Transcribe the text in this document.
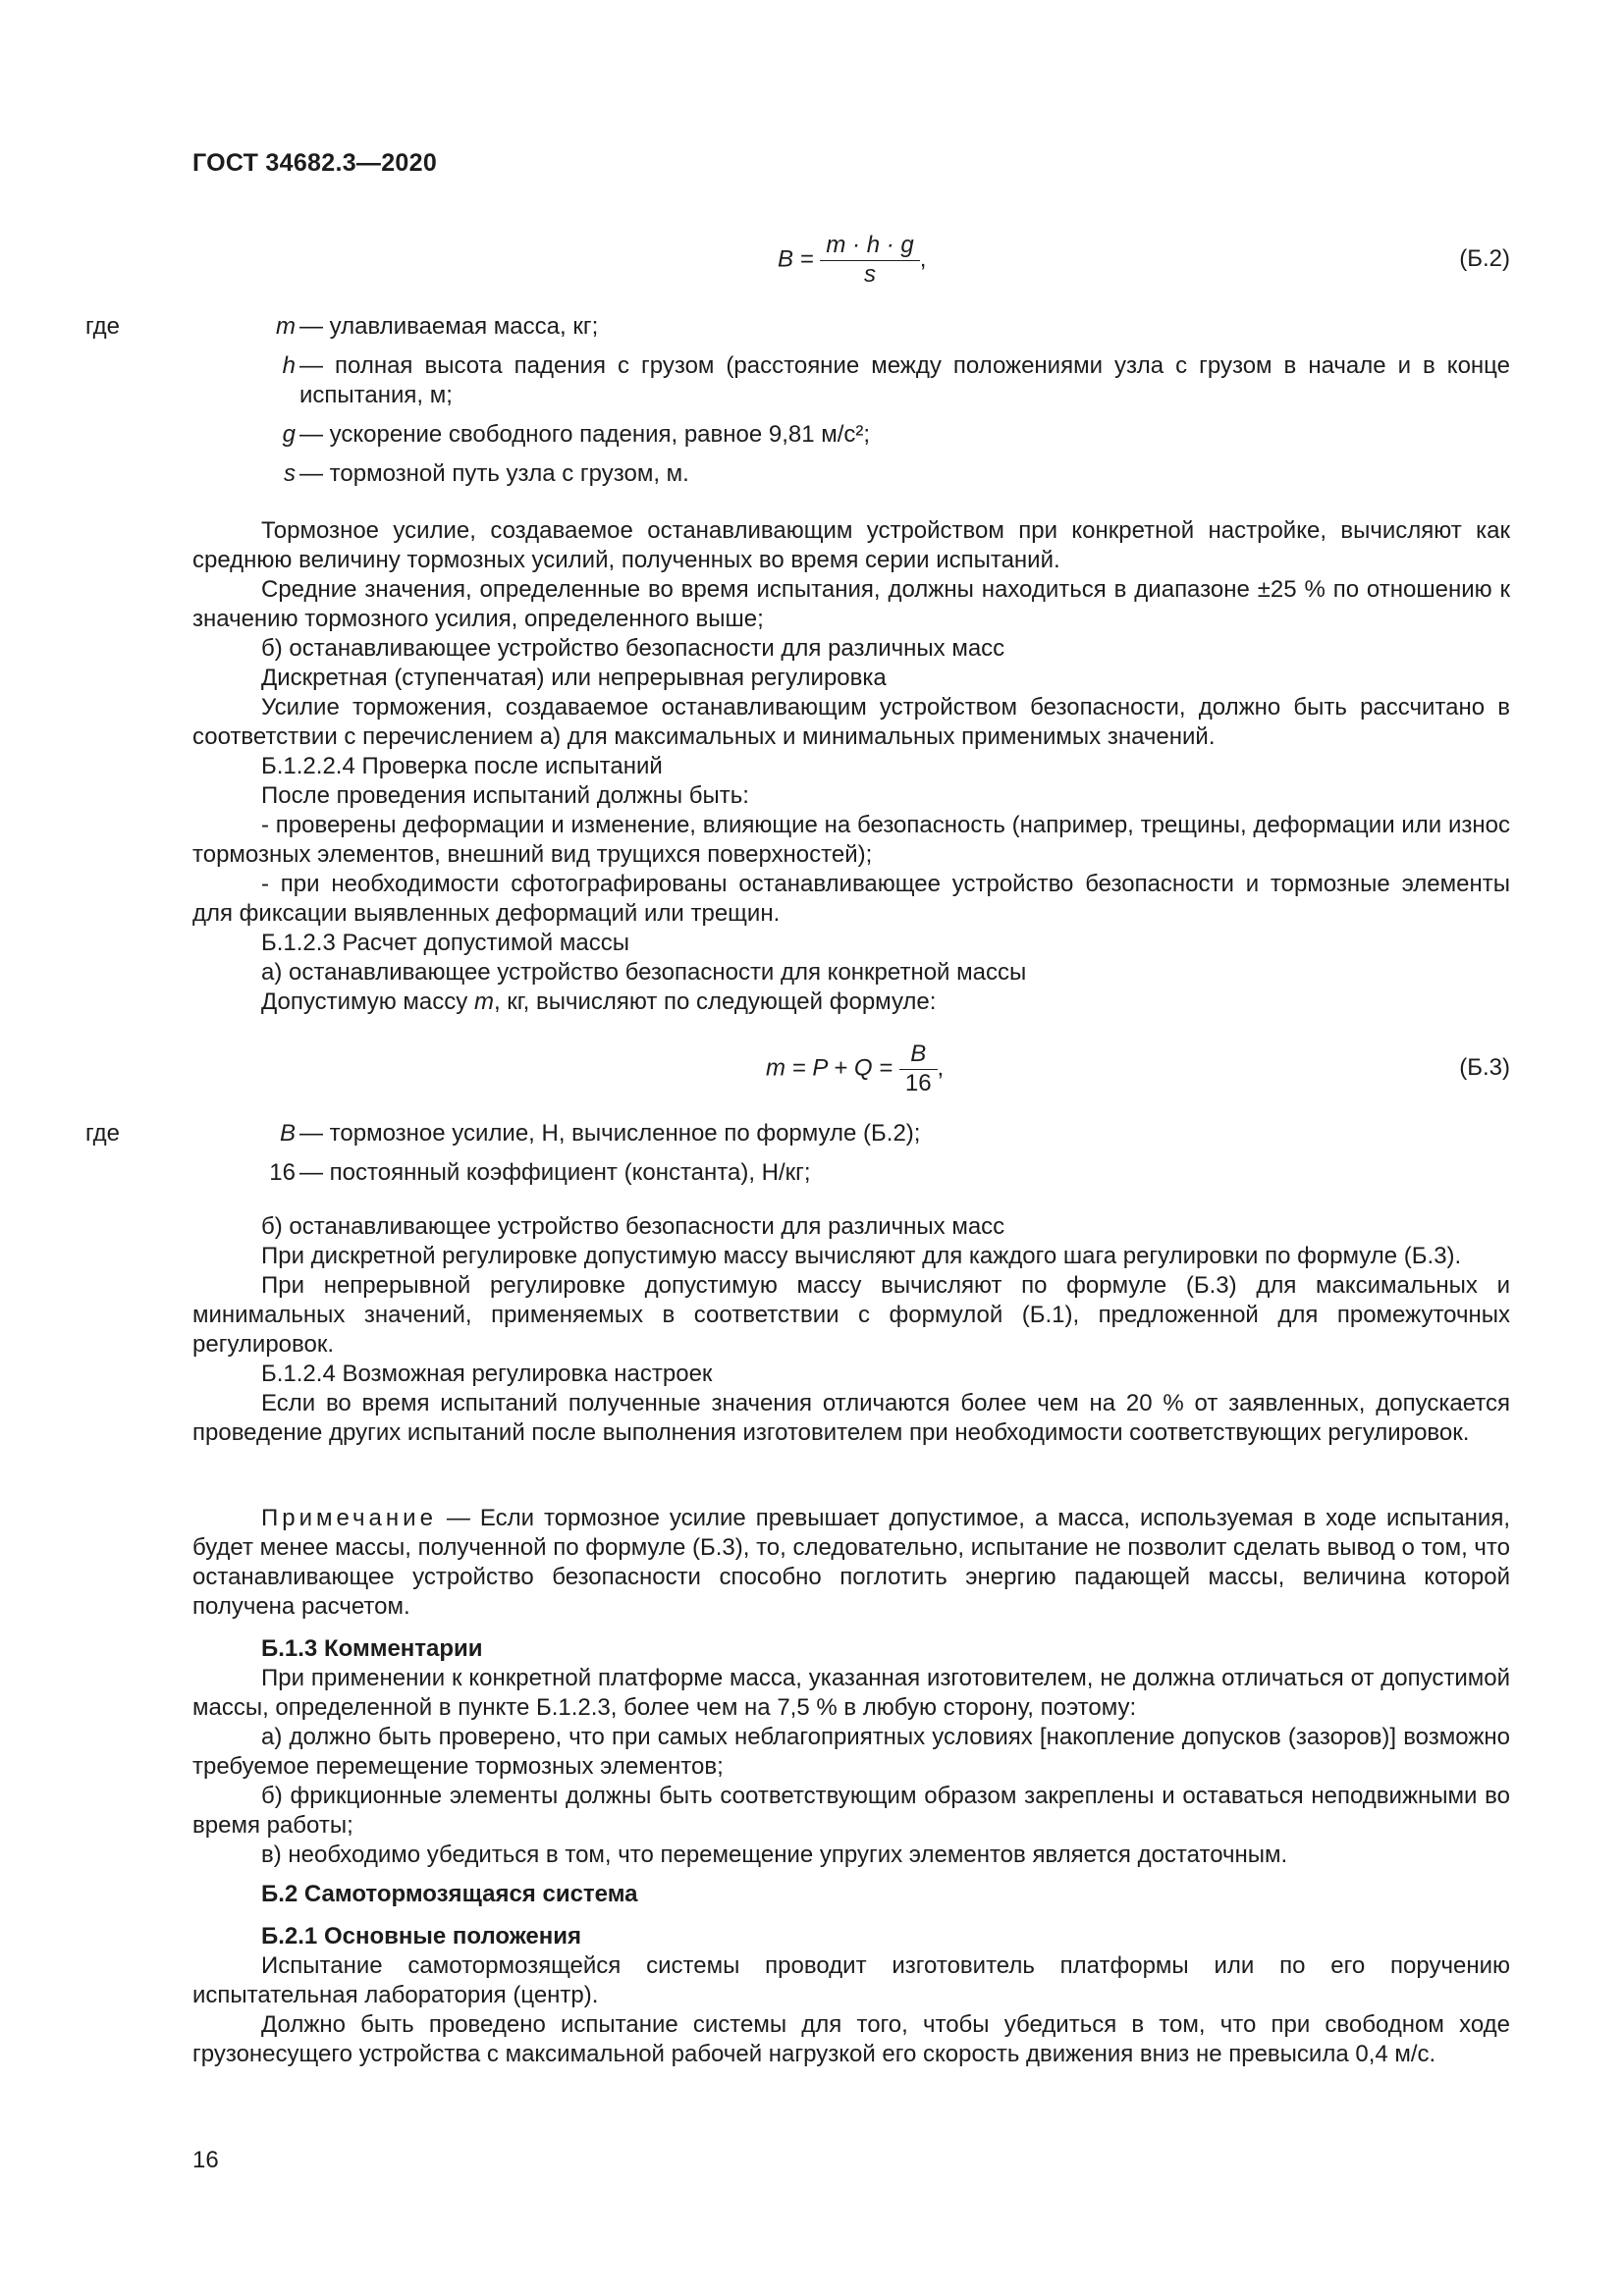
ГОСТ 34682.3—2020
$B = \frac{m \cdot h \cdot g}{s}$ ,	(Б.2)
где	m — улавливаемая масса, кг;
h — полная высота падения с грузом (расстояние между положениями узла с грузом в начале и в конце испытания, м;
g — ускорение свободного падения, равное 9,81 м/с²;
s — тормозной путь узла с грузом, м.

Тормозное усилие, создаваемое останавливающим устройством при конкретной настройке, вычисляют как среднюю величину тормозных усилий, полученных во время серии испытаний.

Средние значения, определенные во время испытания, должны находиться в диапазоне ±25 % по отношению к значению тормозного усилия, определенного выше;

б) останавливающее устройство безопасности для различных масс

Дискретная (ступенчатая) или непрерывная регулировка

Усилие торможения, создаваемое останавливающим устройством безопасности, должно быть рассчитано в соответствии с перечислением а) для максимальных и минимальных применимых значений.

Б.1.2.2.4 Проверка после испытаний

После проведения испытаний должны быть:

- проверены деформации и изменение, влияющие на безопасность (например, трещины, деформации или износ тормозных элементов, внешний вид трущихся поверхностей);

- при необходимости сфотографированы останавливающее устройство безопасности и тормозные элементы для фиксации выявленных деформаций или трещин.

Б.1.2.3 Расчет допустимой массы

а) останавливающее устройство безопасности для конкретной массы

Допустимую массу m, кг, вычисляют по следующей формуле:

$m = P + Q = \frac{B}{16}$ ,	(Б.3)
где	B — тормозное усилие, Н, вычисленное по формуле (Б.2);
16 — постоянный коэффициент (константа), Н/кг;

б) останавливающее устройство безопасности для различных масс

При дискретной регулировке допустимую массу вычисляют для каждого шага регулировки по формуле (Б.3).

При непрерывной регулировке допустимую массу вычисляют по формуле (Б.3) для максимальных и минимальных значений, применяемых в соответствии с формулой (Б.1), предложенной для промежуточных регулировок.

Б.1.2.4 Возможная регулировка настроек

Если во время испытаний полученные значения отличаются более чем на 20 % от заявленных, допускается проведение других испытаний после выполнения изготовителем при необходимости соответствующих регулировок.

Примечание — Если тормозное усилие превышает допустимое, а масса, используемая в ходе испытания, будет менее массы, полученной по формуле (Б.3), то, следовательно, испытание не позволит сделать вывод о том, что останавливающее устройство безопасности способно поглотить энергию падающей массы, величина которой получена расчетом.

Б.1.3 Комментарии

При применении к конкретной платформе масса, указанная изготовителем, не должна отличаться от допустимой массы, определенной в пункте Б.1.2.3, более чем на 7,5 % в любую сторону, поэтому:

а) должно быть проверено, что при самых неблагоприятных условиях [накопление допусков (зазоров)] возможно требуемое перемещение тормозных элементов;

б) фрикционные элементы должны быть соответствующим образом закреплены и оставаться неподвижными во время работы;

в) необходимо убедиться в том, что перемещение упругих элементов является достаточным.

Б.2 Самотормозящаяся система

Б.2.1 Основные положения

Испытание самотормозящейся системы проводит изготовитель платформы или по его поручению испытательная лаборатория (центр).

Должно быть проведено испытание системы для того, чтобы убедиться в том, что при свободном ходе грузонесущего устройства с максимальной рабочей нагрузкой его скорость движения вниз не превысила 0,4 м/с.

16
